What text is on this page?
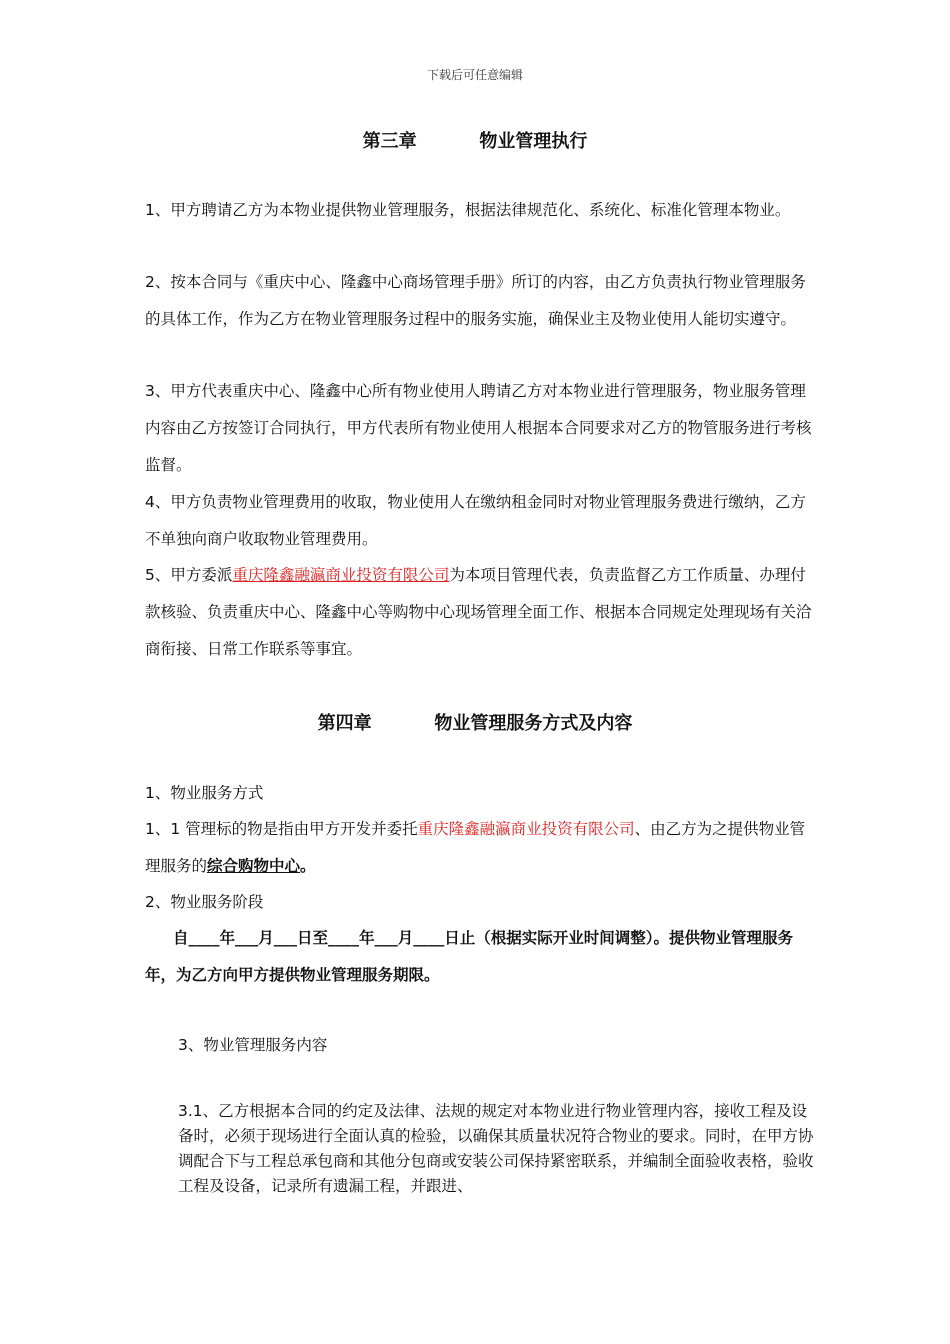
下载后可任意编辑
第三章          物业管理执行

1、甲方聘请乙方为本物业提供物业管理服务，根据法律规范化、系统化、标准化管理本物业。

2、按本合同与《重庆中心、隆鑫中心商场管理手册》所订的内容，由乙方负责执行物业管理服务的具体工作，作为乙方在物业管理服务过程中的服务实施，确保业主及物业使用人能切实遵守。

3、甲方代表重庆中心、隆鑫中心所有物业使用人聘请乙方对本物业进行管理服务，物业服务管理内容由乙方按签订合同执行，甲方代表所有物业使用人根据本合同要求对乙方的物管服务进行考核监督。

4、甲方负责物业管理费用的收取，物业使用人在缴纳租金同时对物业管理服务费进行缴纳，乙方不单独向商户收取物业管理费用。

5、甲方委派重庆隆鑫融瀛商业投资有限公司为本项目管理代表，负责监督乙方工作质量、办理付款核验、负责重庆中心、隆鑫中心等购物中心现场管理全面工作、根据本合同规定处理现场有关洽商衔接、日常工作联系等事宜。

第四章          物业管理服务方式及内容

1、物业服务方式

1、1 管理标的物是指由甲方开发并委托重庆隆鑫融瀛商业投资有限公司、由乙方为之提供物业管理服务的综合购物中心。

2、物业服务阶段

自____年___月___日至____年___月____日止（根据实际开业时间调整）。提供物业管理服务 年，为乙方向甲方提供物业管理服务期限。

3、物业管理服务内容

3.1、乙方根据本合同的约定及法律、法规的规定对本物业进行物业管理内容，接收工程及设备时，必须于现场进行全面认真的检验，以确保其质量状况符合物业的要求。同时，在甲方协调配合下与工程总承包商和其他分包商或安装公司保持紧密联系，并编制全面验收表格，验收工程及设备，记录所有遗漏工程，并跟进、
